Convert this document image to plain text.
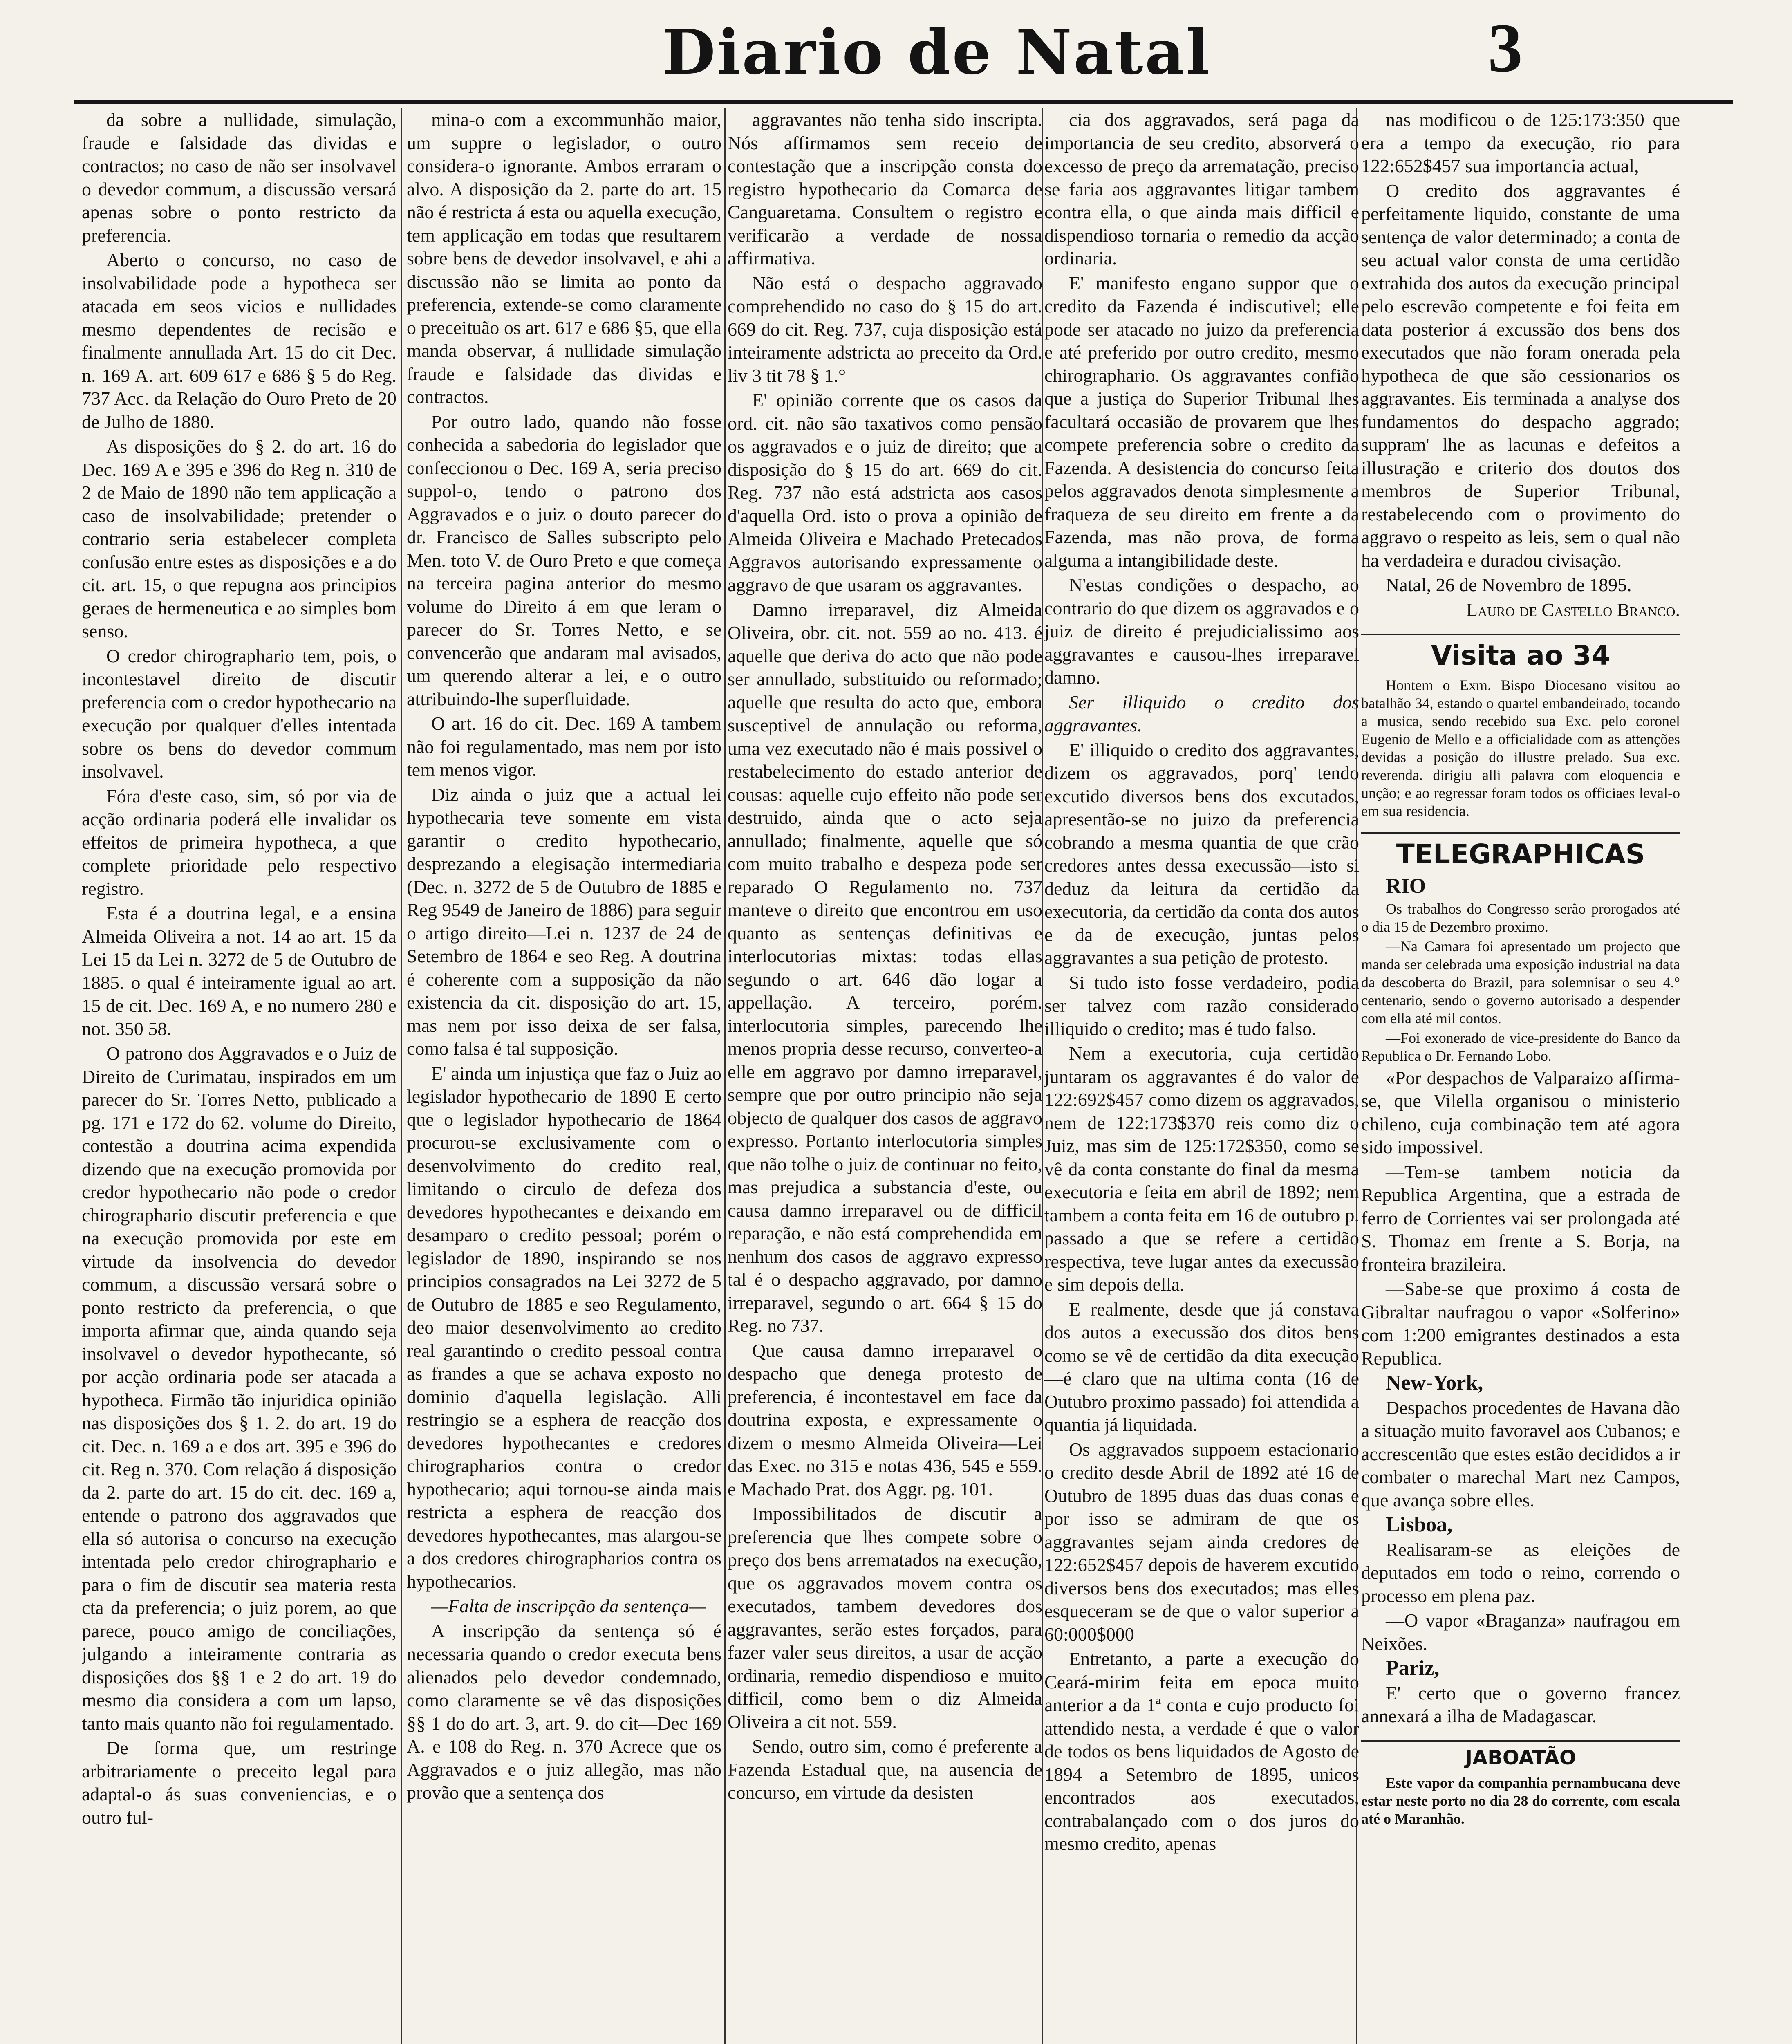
Diario de Natal	3

da sobre a nullidade, simulação, fraude e falsidade das dividas e contractos; no caso de não ser insolvavel o devedor commum, a discussão versará apenas sobre o ponto restricto da preferencia.

Aberto o concurso, no caso de insolvabilidade pode a hypotheca ser atacada em seos vicios e nullidades mesmo dependentes de recisão e finalmente annullada Art. 15 do cit Dec. n. 169 A. art. 609 617 e 686 § 5 do Reg. 737 Acc. da Relação do Ouro Preto de 20 de Julho de 1880.

As disposições do § 2. do art. 16 do Dec. 169 A e 395 e 396 do Reg n. 310 de 2 de Maio de 1890 não tem applicação a caso de insolvabilidade; pretender o contrario seria estabelecer completa confusão entre estes as disposições e a do cit. art. 15, o que repugna aos principios geraes de hermeneutica e ao simples bom senso.

O credor chirographario tem, pois, o incontestavel direito de discutir preferencia com o credor hypothecario na execução por qualquer d'elles intentada sobre os bens do devedor commum insolvavel.

Fóra d'este caso, sim, só por via de acção ordinaria poderá elle invalidar os effeitos de primeira hypotheca, a que complete prioridade pelo respectivo registro.

Esta é a doutrina legal, e a ensina Almeida Oliveira a not. 14 ao art. 15 da Lei 15 da Lei n. 3272 de 5 de Outubro de 1885. o qual é inteiramente igual ao art. 15 de cit. Dec. 169 A, e no numero 280 e not. 350 58.

O patrono dos Aggravados e o Juiz de Direito de Curimatau, inspirados em um parecer do Sr. Torres Netto, publicado a pg. 171 e 172 do 62. volume do Direito, contestão a doutrina acima expendida dizendo que na execução promovida por credor hypothecario não pode o credor chirographario discutir preferencia e que na execução promovida por este em virtude da insolvencia do devedor commum, a discussão versará sobre o ponto restricto da preferencia, o que importa afirmar que, ainda quando seja insolvavel o devedor hypothecante, só por acção ordinaria pode ser atacada a hypotheca. Firmão tão injuridica opinião nas disposições dos § 1. 2. do art. 19 do cit. Dec. n. 169 a e dos art. 395 e 396 do cit. Reg n. 370. Com relação á disposição da 2. parte do art. 15 do cit. dec. 169 a, entende o patrono dos aggravados que ella só autorisa o concurso na execução intentada pelo credor chirographario e para o fim de discutir sea materia resta cta da preferencia; o juiz porem, ao que parece, pouco amigo de conciliações, julgando a inteiramente contraria as disposições dos §§ 1 e 2 do art. 19 do mesmo dia considera a com um lapso, tanto mais quanto não foi regulamentado.

De forma que, um restringe arbitrariamente o preceito legal para adaptal-o ás suas conveniencias, e o outro ful-

mina-o com a excommunhão maior, um suppre o legislador, o outro considera-o ignorante. Ambos erraram o alvo. A disposição da 2. parte do art. 15 não é restricta á esta ou aquella execução, tem applicação em todas que resultarem sobre bens de devedor insolvavel, e ahi a discussão não se limita ao ponto da preferencia, extende-se como claramente o preceituão os art. 617 e 686 §5, que ella manda observar, á nullidade simulação fraude e falsidade das dividas e contractos.

Por outro lado, quando não fosse conhecida a sabedoria do legislador que confeccionou o Dec. 169 A, seria preciso suppol-o, tendo o patrono dos Aggravados e o juiz o douto parecer do dr. Francisco de Salles subscripto pelo Men. toto V. de Ouro Preto e que começa na terceira pagina anterior do mesmo volume do Direito á em que leram o parecer do Sr. Torres Netto, e se convencerão que andaram mal avisados, um querendo alterar a lei, e o outro attribuindo-lhe superfluidade.

O art. 16 do cit. Dec. 169 A tambem não foi regulamentado, mas nem por isto tem menos vigor.

Diz ainda o juiz que a actual lei hypothecaria teve somente em vista garantir o credito hypothecario, desprezando a elegisação intermediaria (Dec. n. 3272 de 5 de Outubro de 1885 e Reg 9549 de Janeiro de 1886) para seguir o artigo direito—Lei n. 1237 de 24 de Setembro de 1864 e seo Reg. A doutrina é coherente com a supposição da não existencia da cit. disposição do art. 15, mas nem por isso deixa de ser falsa, como falsa é tal supposição.

E' ainda um injustiça que faz o Juiz ao legislador hypothecario de 1890 E certo que o legislador hypothecario de 1864 procurou-se exclusivamente com o desenvolvimento do credito real, limitando o circulo de defeza dos devedores hypothecantes e deixando em desamparo o credito pessoal; porém o legislador de 1890, inspirando se nos principios consagrados na Lei 3272 de 5 de Outubro de 1885 e seo Regulamento, deo maior desenvolvimento ao credito real garantindo o credito pessoal contra as frandes a que se achava exposto no dominio d'aquella legislação. Alli restringio se a esphera de reacção dos devedores hypothecantes e credores chirographarios contra o credor hypothecario; aqui tornou-se ainda mais restricta a esphera de reacção dos devedores hypothecantes, mas alargou-se a dos credores chirographarios contra os hypothecarios.

—Falta de inscripção da sentença—

A inscripção da sentença só é necessaria quando o credor executa bens alienados pelo devedor condemnado, como claramente se vê das disposições §§ 1 do do art. 3, art. 9. do cit—Dec 169 A. e 108 do Reg. n. 370 Acrece que os Aggravados e o juiz allegão, mas não provão que a sentença dos

aggravantes não tenha sido inscripta. Nós affirmamos sem receio de contestação que a inscripção consta do registro hypothecario da Comarca de Canguaretama. Consultem o registro e verificarão a verdade de nossa affirmativa.

Não está o despacho aggravado comprehendido no caso do § 15 do art. 669 do cit. Reg. 737, cuja disposição está inteiramente adstricta ao preceito da Ord. liv 3 tit 78 § 1.°

E' opinião corrente que os casos da ord. cit. não são taxativos como pensão os aggravados e o juiz de direito; que a disposição do § 15 do art. 669 do cit. Reg. 737 não está adstricta aos casos d'aquella Ord. isto o prova a opinião de Almeida Oliveira e Machado Pretecados Aggravos autorisando expressamente o aggravo de que usaram os aggravantes.

Damno irreparavel, diz Almeida Oliveira, obr. cit. not. 559 ao no. 413. é aquelle que deriva do acto que não pode ser annullado, substituido ou reformado; aquelle que resulta do acto que, embora susceptivel de annulação ou reforma, uma vez executado não é mais possivel o restabelecimento do estado anterior de cousas: aquelle cujo effeito não pode ser destruido, ainda que o acto seja annullado; finalmente, aquelle que só com muito trabalho e despeza pode ser reparado O Regulamento no. 737 manteve o direito que encontrou em uso quanto as sentenças definitivas e interlocutorias mixtas: todas ellas segundo o art. 646 dão logar a appellação. A terceiro, porém. interlocutoria simples, parecendo lhe menos propria desse recurso, converteo-a elle em aggravo por damno irreparavel, sempre que por outro principio não seja objecto de qualquer dos casos de aggravo expresso. Portanto interlocutoria simples que não tolhe o juiz de continuar no feito, mas prejudica a substancia d'este, ou causa damno irreparavel ou de difficil reparação, e não está comprehendida em nenhum dos casos de aggravo expresso tal é o despacho aggravado, por damno irreparavel, segundo o art. 664 § 15 do Reg. no 737.

Que causa damno irreparavel o despacho que denega protesto de preferencia, é incontestavel em face da doutrina exposta, e expressamente o dizem o mesmo Almeida Oliveira—Lei das Exec. no 315 e notas 436, 545 e 559. e Machado Prat. dos Aggr. pg. 101.

Impossibilitados de discutir a preferencia que lhes compete sobre o preço dos bens arrematados na execução, que os aggravados movem contra os executados, tambem devedores dos aggravantes, serão estes forçados, para fazer valer seus direitos, a usar de acção ordinaria, remedio dispendioso e muito difficil, como bem o diz Almeida Oliveira a cit not. 559.

Sendo, outro sim, como é preferente a Fazenda Estadual que, na ausencia de concurso, em virtude da desisten

cia dos aggravados, será paga da importancia de seu credito, absorverá o excesso de preço da arrematação, preciso se faria aos aggravantes litigar tambem contra ella, o que ainda mais difficil e dispendioso tornaria o remedio da acção ordinaria.

E' manifesto engano suppor que o credito da Fazenda é indiscutivel; elle pode ser atacado no juizo da preferencia e até preferido por outro credito, mesmo chirographario. Os aggravantes confião que a justiça do Superior Tribunal lhes facultará occasião de provarem que lhes compete preferencia sobre o credito da Fazenda. A desistencia do concurso feita pelos aggravados denota simplesmente a fraqueza de seu direito em frente a da Fazenda, mas não prova, de forma alguma a intangibilidade deste.

N'estas condições o despacho, ao contrario do que dizem os aggravados e o juiz de direito é prejudicialissimo aos aggravantes e causou-lhes irreparavel damno.

Ser illiquido o credito dos aggravantes.

E' illiquido o credito dos aggravantes, dizem os aggravados, porq' tendo excutido diversos bens dos excutados, apresentão-se no juizo da preferencia cobrando a mesma quantia de que crão credores antes dessa execussão—isto si deduz da leitura da certidão da executoria, da certidão da conta dos autos e da de execução, juntas pelos aggravantes a sua petição de protesto.

Si tudo isto fosse verdadeiro, podia ser talvez com razão considerado illiquido o credito; mas é tudo falso.

Nem a executoria, cuja certidão juntaram os aggravantes é do valor de 122:692$457 como dizem os aggravados, nem de 122:173$370 reis como diz o Juiz, mas sim de 125:172$350, como se vê da conta constante do final da mesma executoria e feita em abril de 1892; nem tambem a conta feita em 16 de outubro p. passado a que se refere a certidão respectiva, teve lugar antes da execussão e sim depois della.

E realmente, desde que já constava dos autos a execussão dos ditos bens como se vê de certidão da dita execução—é claro que na ultima conta (16 de Outubro proximo passado) foi attendida a quantia já liquidada.

Os aggravados suppoem estacionario o credito desde Abril de 1892 até 16 de Outubro de 1895 duas das duas conas e por isso se admiram de que os aggravantes sejam ainda credores de 122:652$457 depois de haverem excutido diversos bens dos executados; mas elles esqueceram se de que o valor superior a 60:000$000

Entretanto, a parte a execução do Ceará-mirim feita em epoca muito anterior a da 1ª conta e cujo producto foi attendido nesta, a verdade é que o valor de todos os bens liquidados de Agosto de 1894 a Setembro de 1895, unicos encontrados aos executados, contrabalançado com o dos juros do mesmo credito, apenas

nas modificou o de 125:173:350 que era a tempo da execução, rio para 122:652$457 sua importancia actual,

O credito dos aggravantes é perfeitamente liquido, constante de uma sentença de valor determinado; a conta de seu actual valor consta de uma certidão extrahida dos autos da execução principal pelo escrevão competente e foi feita em data posterior á excussão dos bens dos executados que não foram onerada pela hypotheca de que são cessionarios os aggravantes. Eis terminada a analyse dos fundamentos do despacho aggrado; suppram' lhe as lacunas e defeitos a illustração e criterio dos doutos dos membros de Superior Tribunal, restabelecendo com o provimento do aggravo o respeito as leis, sem o qual não ha verdadeira e duradou civisação.

Natal, 26 de Novembro de 1895.

Lauro de Castello Branco.

Visita ao 34

Hontem o Exm. Bispo Diocesano visitou ao batalhão 34, estando o quartel embandeirado, tocando a musica, sendo recebido sua Exc. pelo coronel Eugenio de Mello e a officialidade com as attenções devidas a posição do illustre prelado. Sua exc. reverenda. dirigiu alli palavra com eloquencia e unção; e ao regressar foram todos os officiaes leval-o em sua residencia.

TELEGRAPHICAS

RIO

Os trabalhos do Congresso serão prorogados até o dia 15 de Dezembro proximo.

—Na Camara foi apresentado um projecto que manda ser celebrada uma exposição industrial na data da descoberta do Brazil, para solemnisar o seu 4.° centenario, sendo o governo autorisado a despender com ella até mil contos.

—Foi exonerado de vice-presidente do Banco da Republica o Dr. Fernando Lobo.

«Por despachos de Valparaizo affirma-se, que Vilella organisou o ministerio chileno, cuja combinação tem até agora sido impossivel.

—Tem-se tambem noticia da Republica Argentina, que a estrada de ferro de Corrientes vai ser prolongada até S. Thomaz em frente a S. Borja, na fronteira brazileira.

—Sabe-se que proximo á costa de Gibraltar naufragou o vapor «Solferino» com 1:200 emigrantes destinados a esta Republica.

New-York,

Despachos procedentes de Havana dão a situação muito favoravel aos Cubanos; e accrescentão que estes estão decididos a ir combater o marechal Mart nez Campos, que avança sobre elles.

Lisboa,

Realisaram-se as eleições de deputados em todo o reino, correndo o processo em plena paz.

—O vapor «Braganza» naufragou em Neixões.

Pariz,

E' certo que o governo francez annexará a ilha de Madagascar.

JABOATÃO

Este vapor da companhia pernambucana deve estar neste porto no dia 28 do corrente, com escala até o Maranhão.
